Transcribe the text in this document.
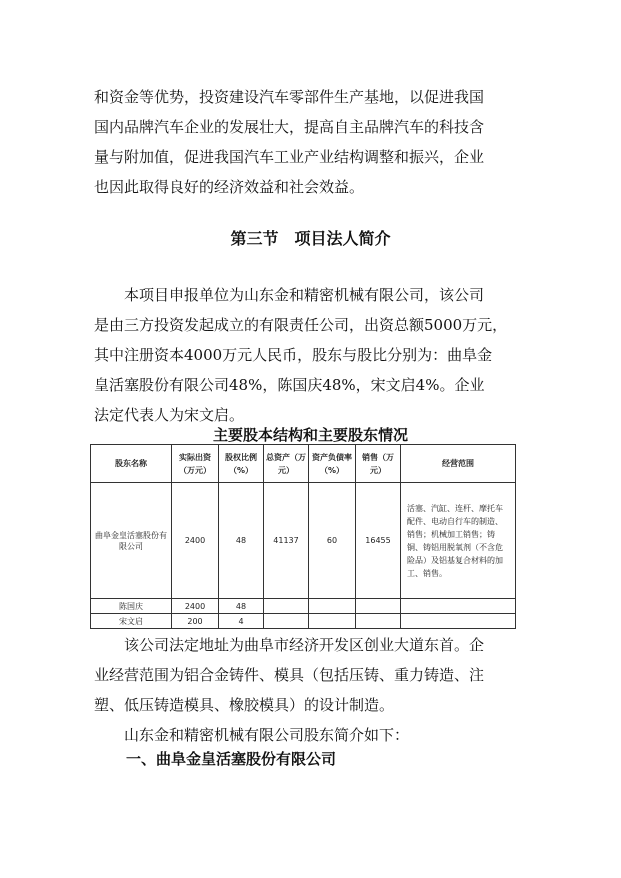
和资金等优势，投资建设汽车零部件生产基地，以促进我国
国内品牌汽车企业的发展壮大，提高自主品牌汽车的科技含
量与附加值，促进我国汽车工业产业结构调整和振兴，企业
也因此取得良好的经济效益和社会效益。
第三节　项目法人简介
本项目申报单位为山东金和精密机械有限公司，该公司
是由三方投资发起成立的有限责任公司，出资总额5000万元，
其中注册资本4000万元人民币，股东与股比分别为：曲阜金
皇活塞股份有限公司48%，陈国庆48%，宋文启4%。企业
法定代表人为宋文启。
主要股本结构和主要股东情况
股东名称	实际出资（万元）	股权比例（%）	总资产（万元）	资产负债率（%）	销售（万元）	经营范围
曲阜金皇活塞股份有限公司	2400	48	41137	60	16455	活塞、汽缸、连杆、摩托车配件、电动自行车的制造、销售；机械加工销售；铸铜、铸铝用脱氧剂（不含危险品）及铝基复合材料的加工、销售。
陈国庆	2400	48				
宋文启	200	4				
该公司法定地址为曲阜市经济开发区创业大道东首。企
业经营范围为铝合金铸件、模具（包括压铸、重力铸造、注
塑、低压铸造模具、橡胶模具）的设计制造。
山东金和精密机械有限公司股东简介如下：
一、曲阜金皇活塞股份有限公司
